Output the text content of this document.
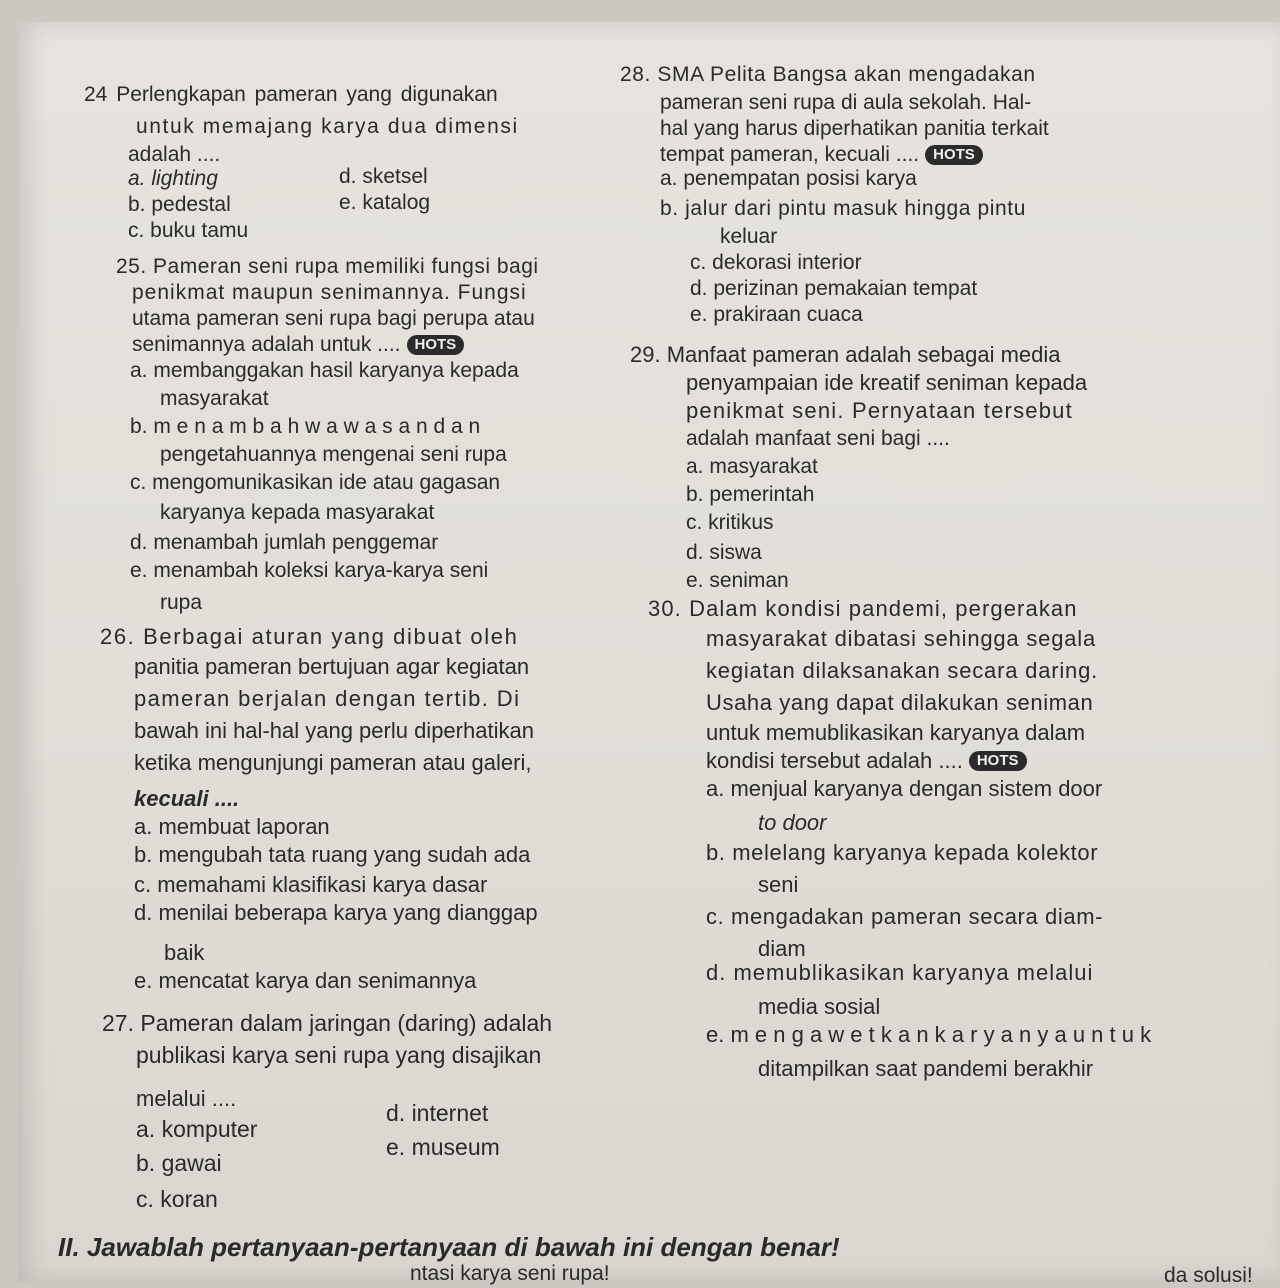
24 Perlengkapan pameran yang digunakan
untuk memajang karya dua dimensi
adalah ....
a. lighting
b. pedestal
c. buku tamu
d. sketsel
e. katalog
25. Pameran seni rupa memiliki fungsi bagi
penikmat maupun senimannya. Fungsi
utama pameran seni rupa bagi perupa atau
senimannya adalah untuk .... HOTS
a. membanggakan hasil karyanya kepada
masyarakat
b. m e n a m b a h w a w a s a n d a n
pengetahuannya mengenai seni rupa
c. mengomunikasikan ide atau gagasan
karyanya kepada masyarakat
d. menambah jumlah penggemar
e. menambah koleksi karya-karya seni
rupa
26. Berbagai aturan yang dibuat oleh
panitia pameran bertujuan agar kegiatan
pameran berjalan dengan tertib. Di
bawah ini hal-hal yang perlu diperhatikan
ketika mengunjungi pameran atau galeri,
kecuali ....
a. membuat laporan
b. mengubah tata ruang yang sudah ada
c. memahami klasifikasi karya dasar
d. menilai beberapa karya yang dianggap
baik
e. mencatat karya dan senimannya
27. Pameran dalam jaringan (daring) adalah
publikasi karya seni rupa yang disajikan
melalui ....
a. komputer
b. gawai
c. koran
d. internet
e. museum
28. SMA Pelita Bangsa akan mengadakan
pameran seni rupa di aula sekolah. Hal-
hal yang harus diperhatikan panitia terkait
tempat pameran, kecuali .... HOTS
a. penempatan posisi karya
b. jalur dari pintu masuk hingga pintu
keluar
c. dekorasi interior
d. perizinan pemakaian tempat
e. prakiraan cuaca
29. Manfaat pameran adalah sebagai media
penyampaian ide kreatif seniman kepada
penikmat seni. Pernyataan tersebut
adalah manfaat seni bagi ....
a. masyarakat
b. pemerintah
c. kritikus
d. siswa
e. seniman
30. Dalam kondisi pandemi, pergerakan
masyarakat dibatasi sehingga segala
kegiatan dilaksanakan secara daring.
Usaha yang dapat dilakukan seniman
untuk memublikasikan karyanya dalam
kondisi tersebut adalah .... HOTS
a. menjual karyanya dengan sistem door
to door
b. melelang karyanya kepada kolektor
seni
c. mengadakan pameran secara diam-
diam
d. memublikasikan karyanya melalui
media sosial
e. m e n g a w e t k a n k a r y a n y a u n t u k
ditampilkan saat pandemi berakhir
II. Jawablah pertanyaan-pertanyaan di bawah ini dengan benar!
ntasi karya seni rupa!	da solusi!
